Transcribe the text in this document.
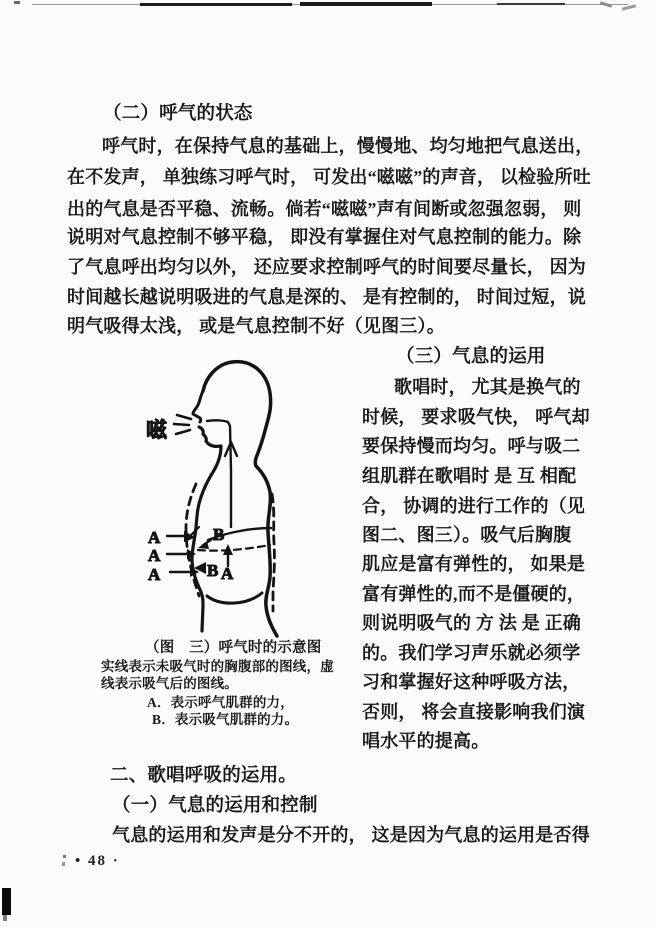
（二）呼气的状态
呼气时，在保持气息的基础上，慢慢地、均匀地把气息送出，
在不发声， 单独练习呼气时， 可发出“嗞嗞”的声音， 以检验所吐
出的气息是否平稳、流畅。倘若“嗞嗞”声有间断或忽强忽弱， 则
说明对气息控制不够平稳， 即没有掌握住对气息控制的能力。除
了气息呼出均匀以外， 还应要求控制呼气的时间要尽量长， 因为
时间越长越说明吸进的气息是深的、 是有控制的， 时间过短，说
明气吸得太浅， 或是气息控制不好（见图三）。
（三）气息的运用
歌唱时， 尤其是换气的
时候， 要求吸气快， 呼气却
要保持慢而均匀。呼与吸二
组肌群在歌唱时 是 互 相配
合， 协调的进行工作的（见
图二、图三）。吸气后胸腹
肌应是富有弹性的， 如果是
富有弹性的,而不是僵硬的，
则说明吸气的 方 法 是 正确
的。我们学习声乐就必须学
习和掌握好这种呼吸方法，
否则， 将会直接影响我们演
唱水平的提高。
嗞
A
A
A
B
B A
（图　三）呼气时的示意图
实线表示未吸气时的胸腹部的图线，虚
线表示吸气后的图线。
A．表示呼气肌群的力，
B．表示吸气肌群的力。
二、歌唱呼吸的运用。
（一）气息的运用和控制
气息的运用和发声是分不开的， 这是因为气息的运用是否得
• 48 ·
